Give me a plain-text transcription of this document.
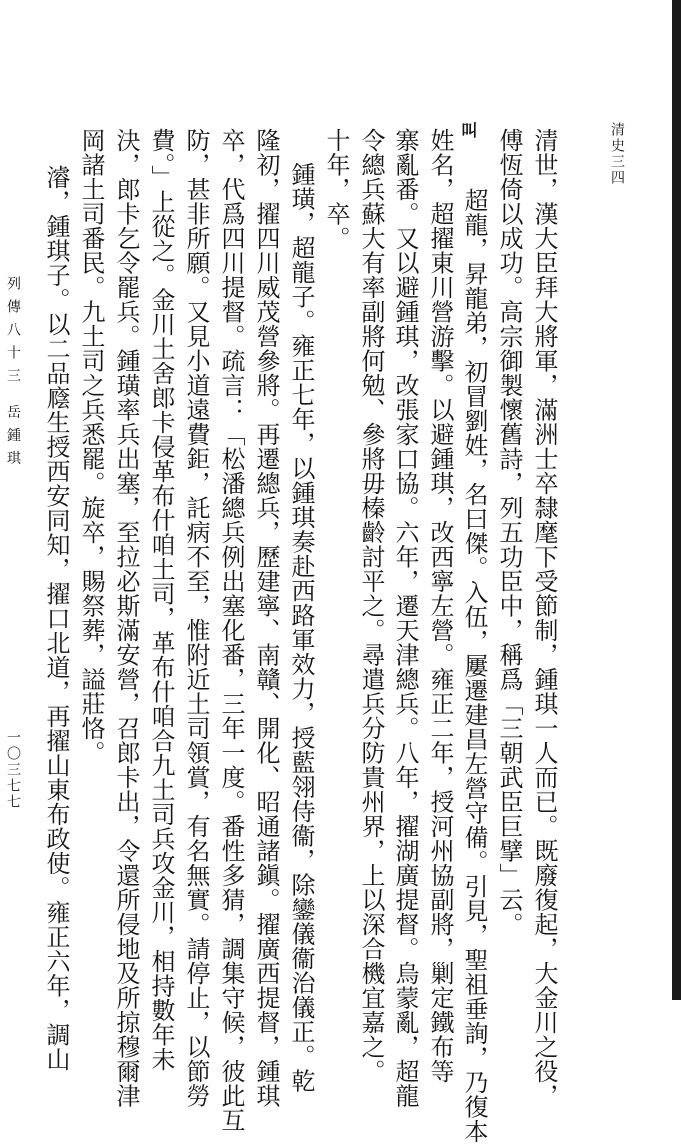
叫	清史三四
清世，漢大臣拜大將軍，滿洲士卒隸麾下受節制，鍾琪一人而已。既廢復起，大金川之役，
傅恆倚以成功。高宗御製懷舊詩，列五功臣中，稱爲「三朝武臣巨擘」云。
超龍，昇龍弟，初冒劉姓，名曰傑。入伍，屢遷建昌左營守備。引見，聖祖垂詢，乃復本
姓名，超擢東川營游擊。以避鍾琪，改西寧左營。雍正二年，授河州協副將，剿定鐵布等
寨亂番。又以避鍾琪，改張家口協。六年，遷天津總兵。八年，擢湖廣提督。烏蒙亂，超龍
令總兵蘇大有率副將何勉、參將毋榛齡討平之。尋遣兵分防貴州界，上以深合機宜嘉之。
十年，卒。
鍾璜，超龍子。雍正七年，以鍾琪奏赴西路軍效力，授藍翎侍衞，除鑾儀衞治儀正。乾
隆初，擢四川威茂營參將。再遷總兵，歷建寧、南贛、開化、昭通諸鎭。擢廣西提督，鍾琪
卒，代爲四川提督。疏言：「松潘總兵例出塞化番，三年一度。番性多猜，調集守候，彼此互
防，甚非所願。又見小道遠費鉅，託病不至，惟附近土司領賞，有名無實。請停止，以節勞
費。」上從之。金川土舍郎卡侵革布什咱土司，革布什咱合九土司兵攻金川，相持數年未
決，郎卡乞令罷兵。鍾璜率兵出塞，至拉必斯滿安營，召郎卡出，令還所侵地及所掠穆爾津
岡諸土司番民。九土司之兵悉罷。旋卒，賜祭葬，謚莊恪。
濬，鍾琪子。以二品廕生授西安同知，擢口北道，再擢山東布政使。雍正六年，調山
列傳八十三 岳鍾琪
一〇三七七
